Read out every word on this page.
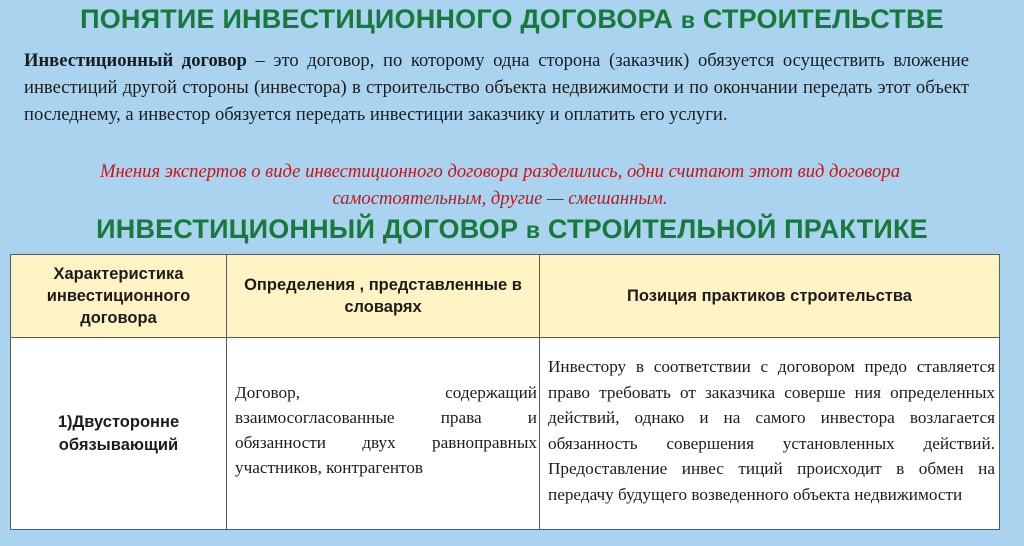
ПОНЯТИЕ ИНВЕСТИЦИОННОГО ДОГОВОРА в СТРОИТЕЛЬСТВЕ
Инвестиционный договор – это договор, по которому одна сторона (заказчик) обязуется осуществить вложение инвестиций другой стороны (инвестора) в строительство объекта недвижимости и по окончании передать этот объект последнему, а инвестор обязуется передать инвестиции заказчику и оплатить его услуги.
Мнения экспертов о виде инвестиционного договора разделились, одни считают этот вид договора самостоятельным, другие — смешанным.
ИНВЕСТИЦИОННЫЙ ДОГОВОР в СТРОИТЕЛЬНОЙ ПРАКТИКЕ
Характеристика инвестиционного договора
Определения , представленные в словарях
Позиция практиков строительства
1)Двусторонне обязывающий
Договор, содержащий взаимосогласованные права и обязанности двух равноправных участников, контрагентов
Инвестору в соответствии с договором предо ставляется право требовать от заказчика соверше ния определенных действий, однако и на самого инвестора возлагается обязанность совершения установленных действий. Предоставление инвес тиций происходит в обмен на передачу будущего возведенного объекта недвижимости
